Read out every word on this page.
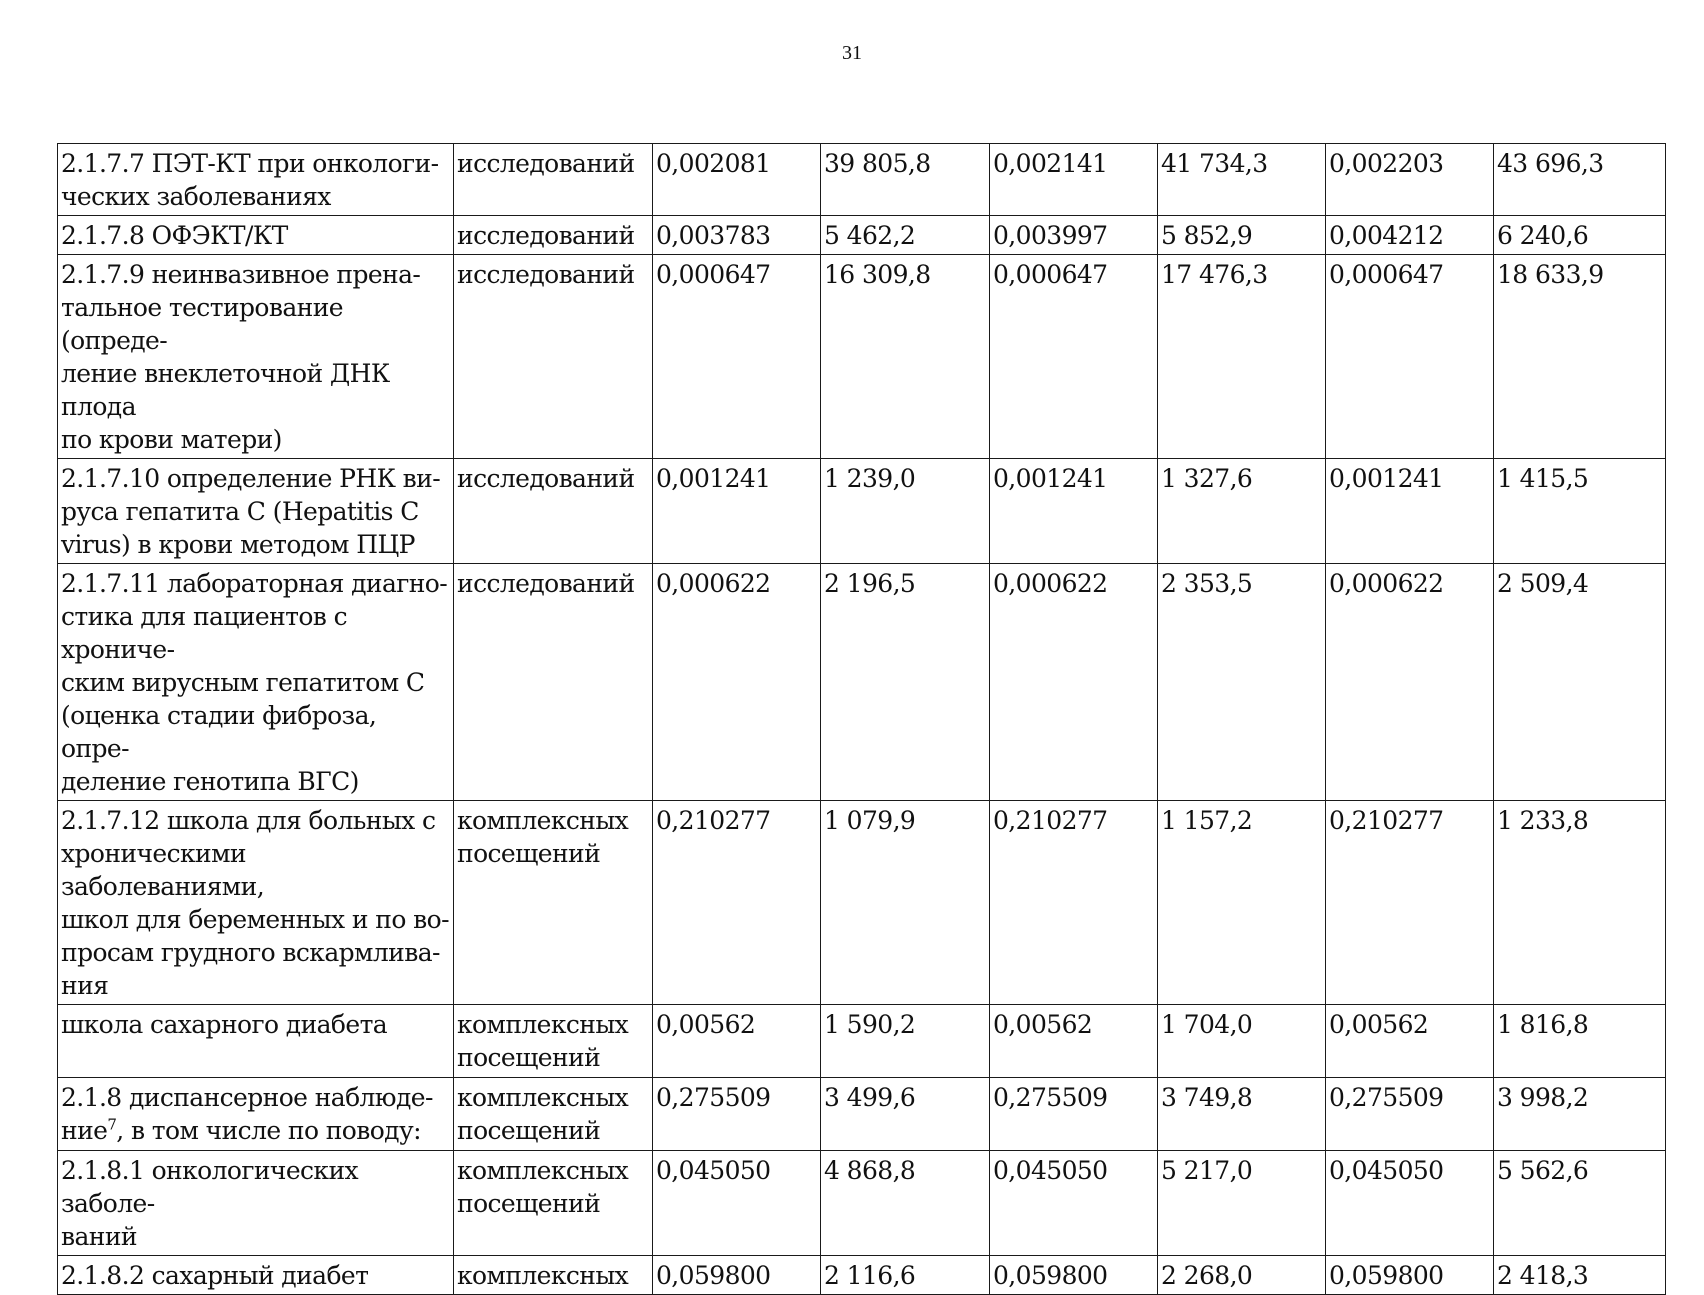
31
2.1.7.7 ПЭТ-КТ при онкологи-
ческих заболеваниях	исследований	0,002081	39 805,8	0,002141	41 734,3	0,002203	43 696,3
2.1.7.8 ОФЭКТ/КТ	исследований	0,003783	5 462,2	0,003997	5 852,9	0,004212	6 240,6
2.1.7.9 неинвазивное прена-
тальное тестирование (опреде-
ление внеклеточной ДНК плода
по крови матери)	исследований	0,000647	16 309,8	0,000647	17 476,3	0,000647	18 633,9
2.1.7.10 определение РНК ви-
руса гепатита С (Hepatitis С
virus) в крови методом ПЦР	исследований	0,001241	1 239,0	0,001241	1 327,6	0,001241	1 415,5
2.1.7.11 лабораторная диагно-
стика для пациентов с хрониче-
ским вирусным гепатитом С
(оценка стадии фиброза, опре-
деление генотипа ВГС)	исследований	0,000622	2 196,5	0,000622	2 353,5	0,000622	2 509,4
2.1.7.12 школа для больных с
хроническими заболеваниями,
школ для беременных и по во-
просам грудного вскармлива-
ния	комплексных
посещений	0,210277	1 079,9	0,210277	1 157,2	0,210277	1 233,8
школа сахарного диабета	комплексных
посещений	0,00562	1 590,2	0,00562	1 704,0	0,00562	1 816,8
2.1.8 диспансерное наблюде-
ние$^7$, в том числе по поводу:	комплексных
посещений	0,275509	3 499,6	0,275509	3 749,8	0,275509	3 998,2
2.1.8.1 онкологических заболе-
ваний	комплексных
посещений	0,045050	4 868,8	0,045050	5 217,0	0,045050	5 562,6
2.1.8.2 сахарный диабет	комплексных	0,059800	2 116,6	0,059800	2 268,0	0,059800	2 418,3
